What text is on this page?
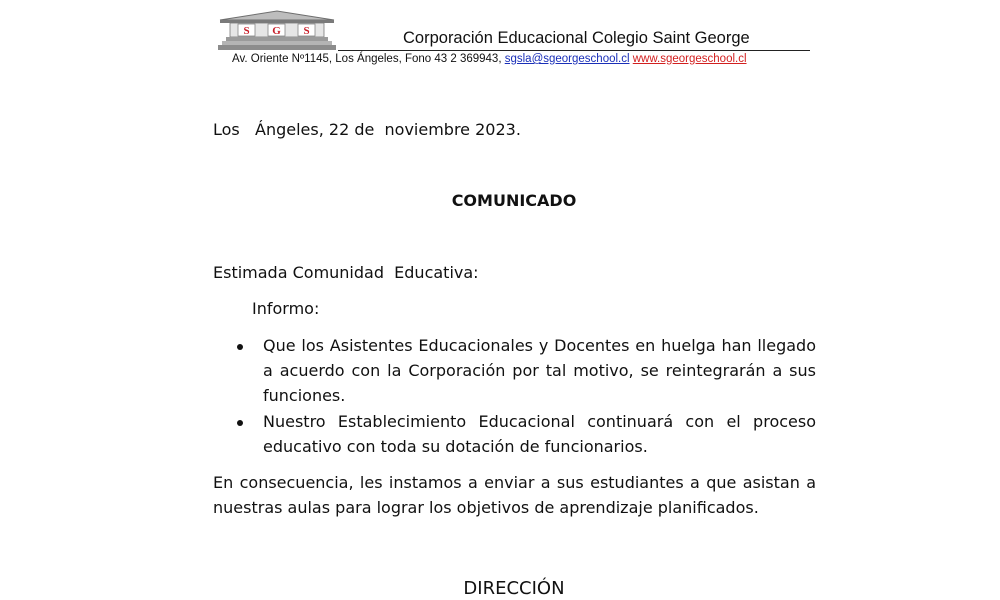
S G S	Corporación Educacional Colegio Saint George
Av. Oriente Nº1145, Los Ángeles, Fono 43 2 369943, sgsla@sgeorgeschool.cl www.sgeorgeschool.cl
Los   Ángeles, 22 de  noviembre 2023.
COMUNICADO
Estimada Comunidad  Educativa:
Informo:
Que los Asistentes Educacionales y Docentes en huelga han llegado a acuerdo con la Corporación por tal motivo, se reintegrarán a sus funciones.
Nuestro Establecimiento Educacional continuará con el proceso educativo con toda su dotación de funcionarios.
En consecuencia, les instamos a enviar a sus estudiantes a que asistan a nuestras aulas para lograr los objetivos de aprendizaje planificados.
DIRECCIÓN
